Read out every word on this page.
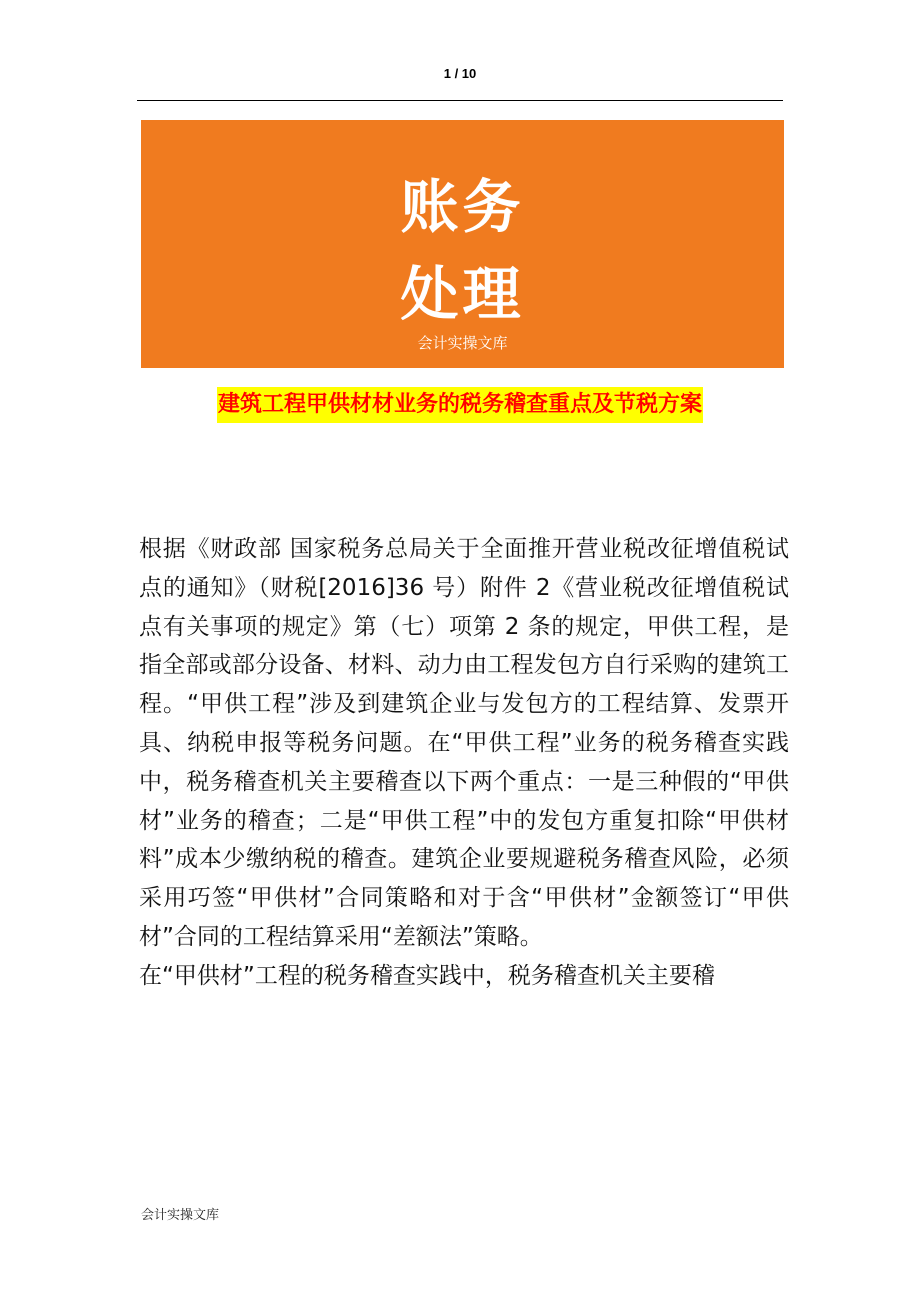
1 / 10
账务
处理
会计实操文库
建筑工程甲供材材业务的税务稽查重点及节税方案

根据《财政部 国家税务总局关于全面推开营业税改征增值税试点的通知》（财税[2016]36 号）附件 2《营业税改征增值税试点有关事项的规定》第（七）项第 2 条的规定，甲供工程，是指全部或部分设备、材料、动力由工程发包方自行采购的建筑工程。“甲供工程”涉及到建筑企业与发包方的工程结算、发票开具、纳税申报等税务问题。在“甲供工程”业务的税务稽查实践中，税务稽查机关主要稽查以下两个重点：一是三种假的“甲供材”业务的稽查；二是“甲供工程”中的发包方重复扣除“甲供材料”成本少缴纳税的稽查。建筑企业要规避税务稽查风险，必须采用巧签“甲供材”合同策略和对于含“甲供材”金额签订“甲供材”合同的工程结算采用“差额法”策略。

在“甲供材”工程的税务稽查实践中，税务稽查机关主要稽

会计实操文库
